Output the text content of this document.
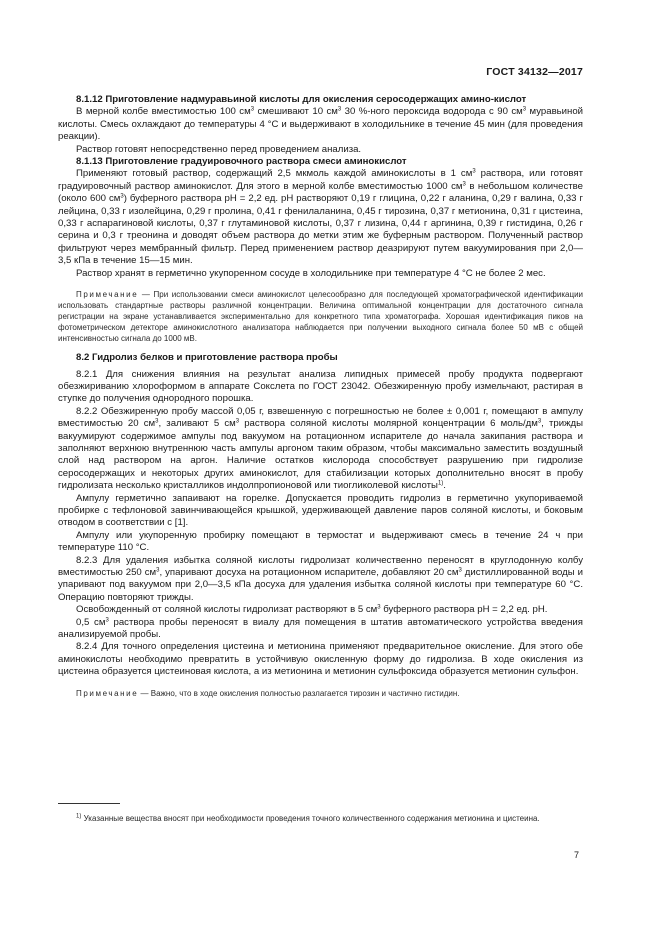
ГОСТ 34132—2017

8.1.12 Приготовление надмуравьиной кислоты для окисления серосодержащих амино-кислот

В мерной колбе вместимостью 100 $см^3$ смешивают 10 $см^3$ 30 %-ного пероксида водорода с 90 $см^3$ муравьиной кислоты. Смесь охлаждают до температуры 4 °С и выдерживают в холодильнике в течение 45 мин (для проведения реакции).

Раствор готовят непосредственно перед проведением анализа.

8.1.13 Приготовление градуировочного раствора смеси аминокислот

Применяют готовый раствор, содержащий 2,5 мкмоль каждой аминокислоты в 1 $см^3$ раствора, или готовят градуировочный раствор аминокислот. Для этого в мерной колбе вместимостью 1000 $см^3$ в небольшом количестве (около 600 $см^3$) буферного раствора pH = 2,2 ед. pH растворяют 0,19 г глицина, 0,22 г аланина, 0,29 г валина, 0,33 г лейцина, 0,33 г изолейцина, 0,29 г пролина, 0,41 г фенилаланина, 0,45 г тирозина, 0,37 г метионина, 0,31 г цистеина, 0,33 г аспарагиновой кислоты, 0,37 г глутаминовой кислоты, 0,37 г лизина, 0,44 г аргинина, 0,39 г гистидина, 0,26 г серина и 0,3 г треонина и доводят объем раствора до метки этим же буферным раствором. Полученный раствор фильтруют через мембранный фильтр. Перед применением раствор деазрируют путем вакуумирования при 2,0—3,5 кПа в течение 15—15 мин.

Раствор хранят в герметично укупоренном сосуде в холодильнике при температуре 4 °С не более 2 мес.

Примечание — При использовании смеси аминокислот целесообразно для последующей хроматографической идентификации использовать стандартные растворы различной концентрации. Величина оптимальной концентрации для достаточного сигнала регистрации на экране устанавливается экспериментально для конкретного типа хроматографа. Хорошая идентификация пиков на фотометрическом детекторе аминокислотного анализатора наблюдается при получении выходного сигнала более 50 мВ с общей интенсивностью сигнала до 1000 мВ.

8.2 Гидролиз белков и приготовление раствора пробы

8.2.1 Для снижения влияния на результат анализа липидных примесей пробу продукта подвергают обезжириванию хлороформом в аппарате Сокслета по ГОСТ 23042. Обезжиренную пробу измельчают, растирая в ступке до получения однородного порошка.

8.2.2 Обезжиренную пробу массой 0,05 г, взвешенную с погрешностью не более ± 0,001 г, помещают в ампулу вместимостью 20 $см^3$, заливают 5 $см^3$ раствора соляной кислоты молярной концентрации 6 моль/$дм^3$, трижды вакуумируют содержимое ампулы под вакуумом на ротационном испарителе до начала закипания раствора и заполняют верхнюю внутреннюю часть ампулы аргоном таким образом, чтобы максимально заместить воздушный слой над раствором на аргон. Наличие остатков кислорода способствует разрушению при гидролизе серосодержащих и некоторых других аминокислот, для стабилизации которых дополнительно вносят в пробу гидролизата несколько кристалликов индолпропионовой или тиогликолевой кислоты$^{1)}$.

Ампулу герметично запаивают на горелке. Допускается проводить гидролиз в герметично укупориваемой пробирке с тефлоновой завинчивающейся крышкой, удерживающей давление паров соляной кислоты, и боковым отводом в соответствии с [1].

Ампулу или укупоренную пробирку помещают в термостат и выдерживают смесь в течение 24 ч при температуре 110 °С.

8.2.3 Для удаления избытка соляной кислоты гидролизат количественно переносят в круглодонную колбу вместимостью 250 $см^3$, упаривают досуха на ротационном испарителе, добавляют 20 $см^3$ дистиллированной воды и упаривают под вакуумом при 2,0—3,5 кПа досуха для удаления избытка соляной кислоты при температуре 60 °С. Операцию повторяют трижды.

Освобожденный от соляной кислоты гидролизат растворяют в 5 $см^3$ буферного раствора pH = 2,2 ед. pH.

0,5 $см^3$ раствора пробы переносят в виалу для помещения в штатив автоматического устройства введения анализируемой пробы.

8.2.4 Для точного определения цистеина и метионина применяют предварительное окисление. Для этого обе аминокислоты необходимо превратить в устойчивую окисленную форму до гидролиза. В ходе окисления из цистеина образуется цистеиновая кислота, а из метионина и метионин сульфоксида образуется метионин сульфон.

Примечание — Важно, что в ходе окисления полностью разлагается тирозин и частично гистидин.

$^{1)}$ Указанные вещества вносят при необходимости проведения точного количественного содержания метионина и цистеина.
7
